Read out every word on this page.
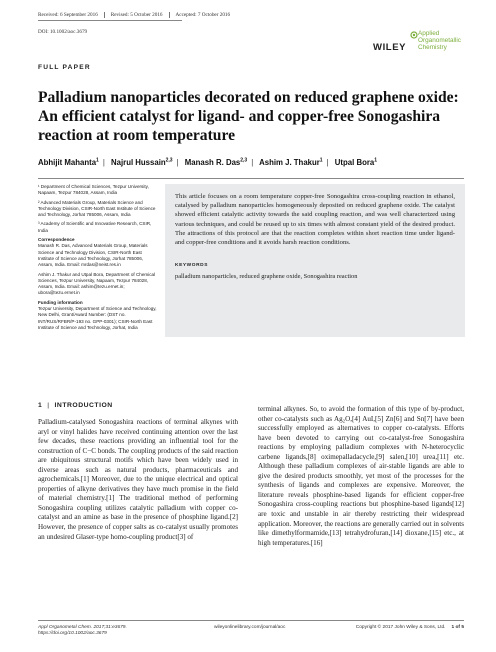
Received: 6 September 2016	Revised: 5 October 2016	Accepted: 7 October 2016
DOI: 10.1002/aoc.3679
WILEY
Applied
Organometallic
Chemistry
FULL PAPER
Palladium nanoparticles decorated on reduced graphene oxide: An efficient catalyst for ligand- and copper-free Sonogashira reaction at room temperature
Abhijit Mahanta$^1$ | Najrul Hussain$^{2,3}$ | Manash R. Das$^{2,3}$ | Ashim J. Thakur$^1$ | Utpal Bora$^1$

¹ Department of Chemical Sciences, Tezpur University, Napaam, Tezpur 784028, Assam, India

² Advanced Materials Group, Materials Science and Technology Division, CSIR-North East Institute of Science and Technology, Jorhat 785006, Assam, India

³ Academy of Scientific and Innovative Research, CSIR, India

Correspondence

Manash R. Das, Advanced Materials Group, Materials Science and Technology Division, CSIR-North East Institute of Science and Technology, Jorhat 785006, Assam, India. Email: mrdas@neist.res.in

Ashim J. Thakur and Utpal Bora, Department of Chemical Sciences, Tezpur University, Napaam, Tezpur 784028, Assam, India. Email: ashim@tezu.ernet.in; ubora@tezu.ernet.in

Funding information

Tezpur University, Department of Science and Technology, New Delhi, Grant/Award Number: (DST no. INT/RUS/RFBR/P-193 no. GPP-0301); CSIR-North East Institute of Science and Technology, Jorhat, India

This article focuses on a room temperature copper-free Sonogashira cross-coupling reaction in ethanol, catalysed by palladium nanoparticles homogeneously deposited on reduced graphene oxide. The catalyst showed efficient catalytic activity towards the said coupling reaction, and was well characterized using various techniques, and could be reused up to six times with almost constant yield of the desired product. The attractions of this protocol are that the reaction completes within short reaction time under ligand- and copper-free conditions and it avoids harsh reaction conditions.

KEYWORDS
palladium nanoparticles, reduced graphene oxide, Sonogashira reaction
1 | INTRODUCTION

Palladium-catalysed Sonogashira reactions of terminal alkynes with aryl or vinyl halides have received continuing attention over the last few decades, these reactions providing an influential tool for the construction of C−C bonds. The coupling products of the said reaction are ubiquitous structural motifs which have been widely used in diverse areas such as natural products, pharmaceuticals and agrochemicals.[1] Moreover, due to the unique electrical and optical properties of alkyne derivatives they have much promise in the field of material chemistry.[1] The traditional method of performing Sonogashira coupling utilizes catalytic palladium with copper co-catalyst and an amine as base in the presence of phosphine ligand.[2] However, the presence of copper salts as co-catalyst usually promotes an undesired Glaser-type homo-coupling product[3] of

terminal alkynes. So, to avoid the formation of this type of by-product, other co-catalysts such as Ag₂O,[4] AuI,[5] Zn[6] and Sn[7] have been successfully employed as alternatives to copper co-catalysts. Efforts have been devoted to carrying out co-catalyst-free Sonogashira reactions by employing palladium complexes with N-heterocyclic carbene ligands,[8] oximepalladacycle,[9] salen,[10] urea,[11] etc. Although these palladium complexes of air-stable ligands are able to give the desired products smoothly, yet most of the processes for the synthesis of ligands and complexes are expensive. Moreover, the literature reveals phosphine-based ligands for efficient copper-free Sonogashira cross-coupling reactions but phosphine-based ligands[12] are toxic and unstable in air thereby restricting their widespread application. Moreover, the reactions are generally carried out in solvents like dimethylformamide,[13] tetrahydrofuran,[14] dioxane,[15] etc., at high temperatures.[16]

Appl Organometal Chem. 2017;31:e3679.
https://doi.org/10.1002/aoc.3679
wileyonlinelibrary.com/journal/aoc	Copyright © 2017 John Wiley & Sons, Ltd. 1 of 5
